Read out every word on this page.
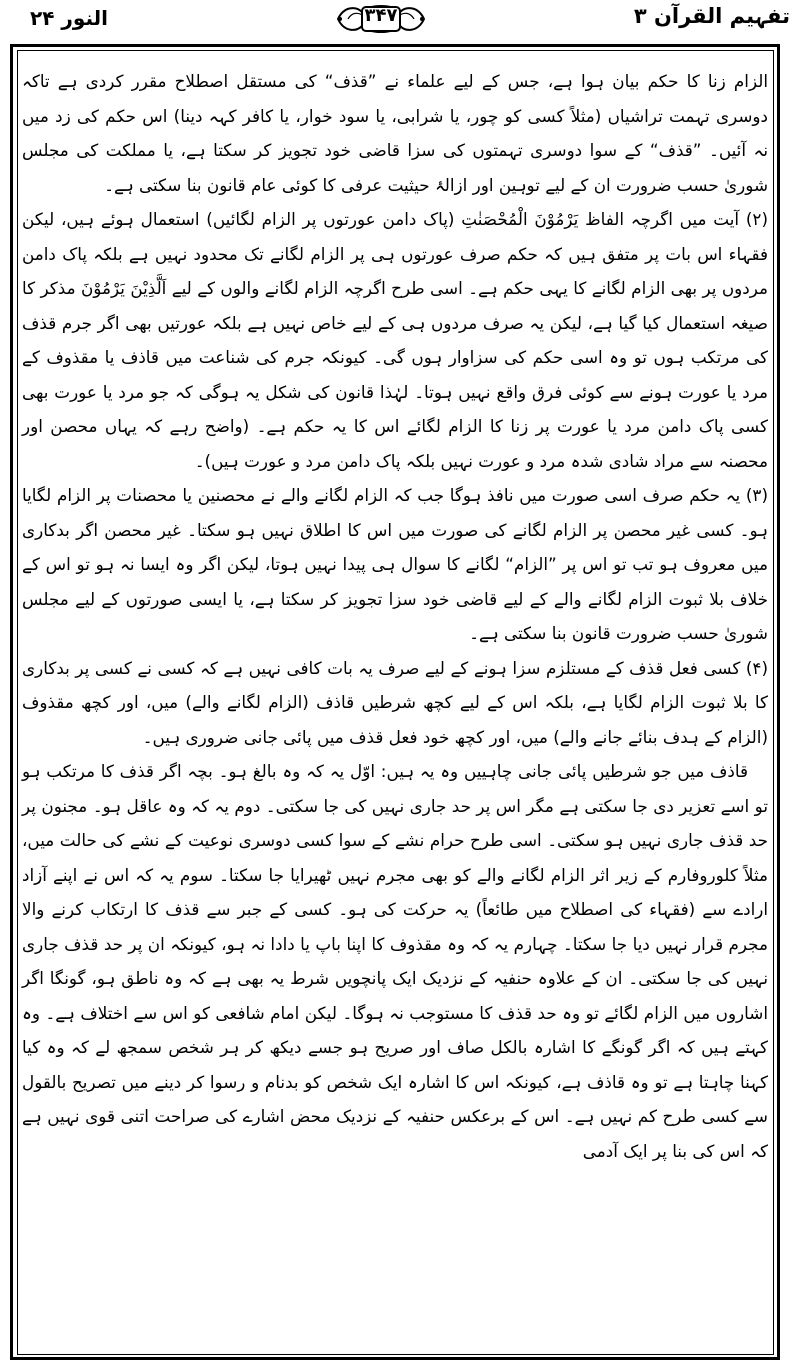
النور ۲۴	۳۴۷	تفہیم القرآن ۳

الزام زنا کا حکم بیان ہوا ہے، جس کے لیے علماء نے ”قذف“ کی مستقل اصطلاح مقرر کردی ہے تاکہ دوسری تہمت تراشیاں (مثلاً کسی کو چور، یا شرابی، یا سود خوار، یا کافر کہہ دینا) اس حکم کی زد میں نہ آئیں۔ ”قذف“ کے سوا دوسری تہمتوں کی سزا قاضی خود تجویز کر سکتا ہے، یا مملکت کی مجلس شوریٰ حسب ضرورت ان کے لیے توہین اور ازالۂ حیثیت عرفی کا کوئی عام قانون بنا سکتی ہے۔

(۲) آیت میں اگرچہ الفاظ یَرْمُوْنَ الْمُحْصَنٰتِ (پاک دامن عورتوں پر الزام لگائیں) استعمال ہوئے ہیں، لیکن فقہاء اس بات پر متفق ہیں کہ حکم صرف عورتوں ہی پر الزام لگانے تک محدود نہیں ہے بلکہ پاک دامن مردوں پر بھی الزام لگانے کا یہی حکم ہے۔ اسی طرح اگرچہ الزام لگانے والوں کے لیے اَلَّذِیْنَ یَرْمُوْنَ مذکر کا صیغہ استعمال کیا گیا ہے، لیکن یہ صرف مردوں ہی کے لیے خاص نہیں ہے بلکہ عورتیں بھی اگر جرم قذف کی مرتکب ہوں تو وہ اسی حکم کی سزاوار ہوں گی۔ کیونکہ جرم کی شناعت میں قاذف یا مقذوف کے مرد یا عورت ہونے سے کوئی فرق واقع نہیں ہوتا۔ لہٰذا قانون کی شکل یہ ہوگی کہ جو مرد یا عورت بھی کسی پاک دامن مرد یا عورت پر زنا کا الزام لگائے اس کا یہ حکم ہے۔ (واضح رہے کہ یہاں محصن اور محصنہ سے مراد شادی شدہ مرد و عورت نہیں بلکہ پاک دامن مرد و عورت ہیں)۔

(۳) یہ حکم صرف اسی صورت میں نافذ ہوگا جب کہ الزام لگانے والے نے محصنین یا محصنات پر الزام لگایا ہو۔ کسی غیر محصن پر الزام لگانے کی صورت میں اس کا اطلاق نہیں ہو سکتا۔ غیر محصن اگر بدکاری میں معروف ہو تب تو اس پر ”الزام“ لگانے کا سوال ہی پیدا نہیں ہوتا، لیکن اگر وہ ایسا نہ ہو تو اس کے خلاف بلا ثبوت الزام لگانے والے کے لیے قاضی خود سزا تجویز کر سکتا ہے، یا ایسی صورتوں کے لیے مجلس شوریٰ حسب ضرورت قانون بنا سکتی ہے۔

(۴) کسی فعل قذف کے مستلزم سزا ہونے کے لیے صرف یہ بات کافی نہیں ہے کہ کسی نے کسی پر بدکاری کا بلا ثبوت الزام لگایا ہے، بلکہ اس کے لیے کچھ شرطیں قاذف (الزام لگانے والے) میں، اور کچھ مقذوف (الزام کے ہدف بنائے جانے والے) میں، اور کچھ خود فعل قذف میں پائی جانی ضروری ہیں۔

قاذف میں جو شرطیں پائی جانی چاہییں وہ یہ ہیں: اوّل یہ کہ وہ بالغ ہو۔ بچہ اگر قذف کا مرتکب ہو تو اسے تعزیر دی جا سکتی ہے مگر اس پر حد جاری نہیں کی جا سکتی۔ دوم یہ کہ وہ عاقل ہو۔ مجنون پر حد قذف جاری نہیں ہو سکتی۔ اسی طرح حرام نشے کے سوا کسی دوسری نوعیت کے نشے کی حالت میں، مثلاً کلوروفارم کے زیر اثر الزام لگانے والے کو بھی مجرم نہیں ٹھیرایا جا سکتا۔ سوم یہ کہ اس نے اپنے آزاد ارادے سے (فقہاء کی اصطلاح میں طائعاً) یہ حرکت کی ہو۔ کسی کے جبر سے قذف کا ارتکاب کرنے والا مجرم قرار نہیں دیا جا سکتا۔ چہارم یہ کہ وہ مقذوف کا اپنا باپ یا دادا نہ ہو، کیونکہ ان پر حد قذف جاری نہیں کی جا سکتی۔ ان کے علاوہ حنفیہ کے نزدیک ایک پانچویں شرط یہ بھی ہے کہ وہ ناطق ہو، گونگا اگر اشاروں میں الزام لگائے تو وہ حد قذف کا مستوجب نہ ہوگا۔ لیکن امام شافعی کو اس سے اختلاف ہے۔ وہ کہتے ہیں کہ اگر گونگے کا اشارہ بالکل صاف اور صریح ہو جسے دیکھ کر ہر شخص سمجھ لے کہ وہ کیا کہنا چاہتا ہے تو وہ قاذف ہے، کیونکہ اس کا اشارہ ایک شخص کو بدنام و رسوا کر دینے میں تصریح بالقول سے کسی طرح کم نہیں ہے۔ اس کے برعکس حنفیہ کے نزدیک محض اشارے کی صراحت اتنی قوی نہیں ہے کہ اس کی بنا پر ایک آدمی
